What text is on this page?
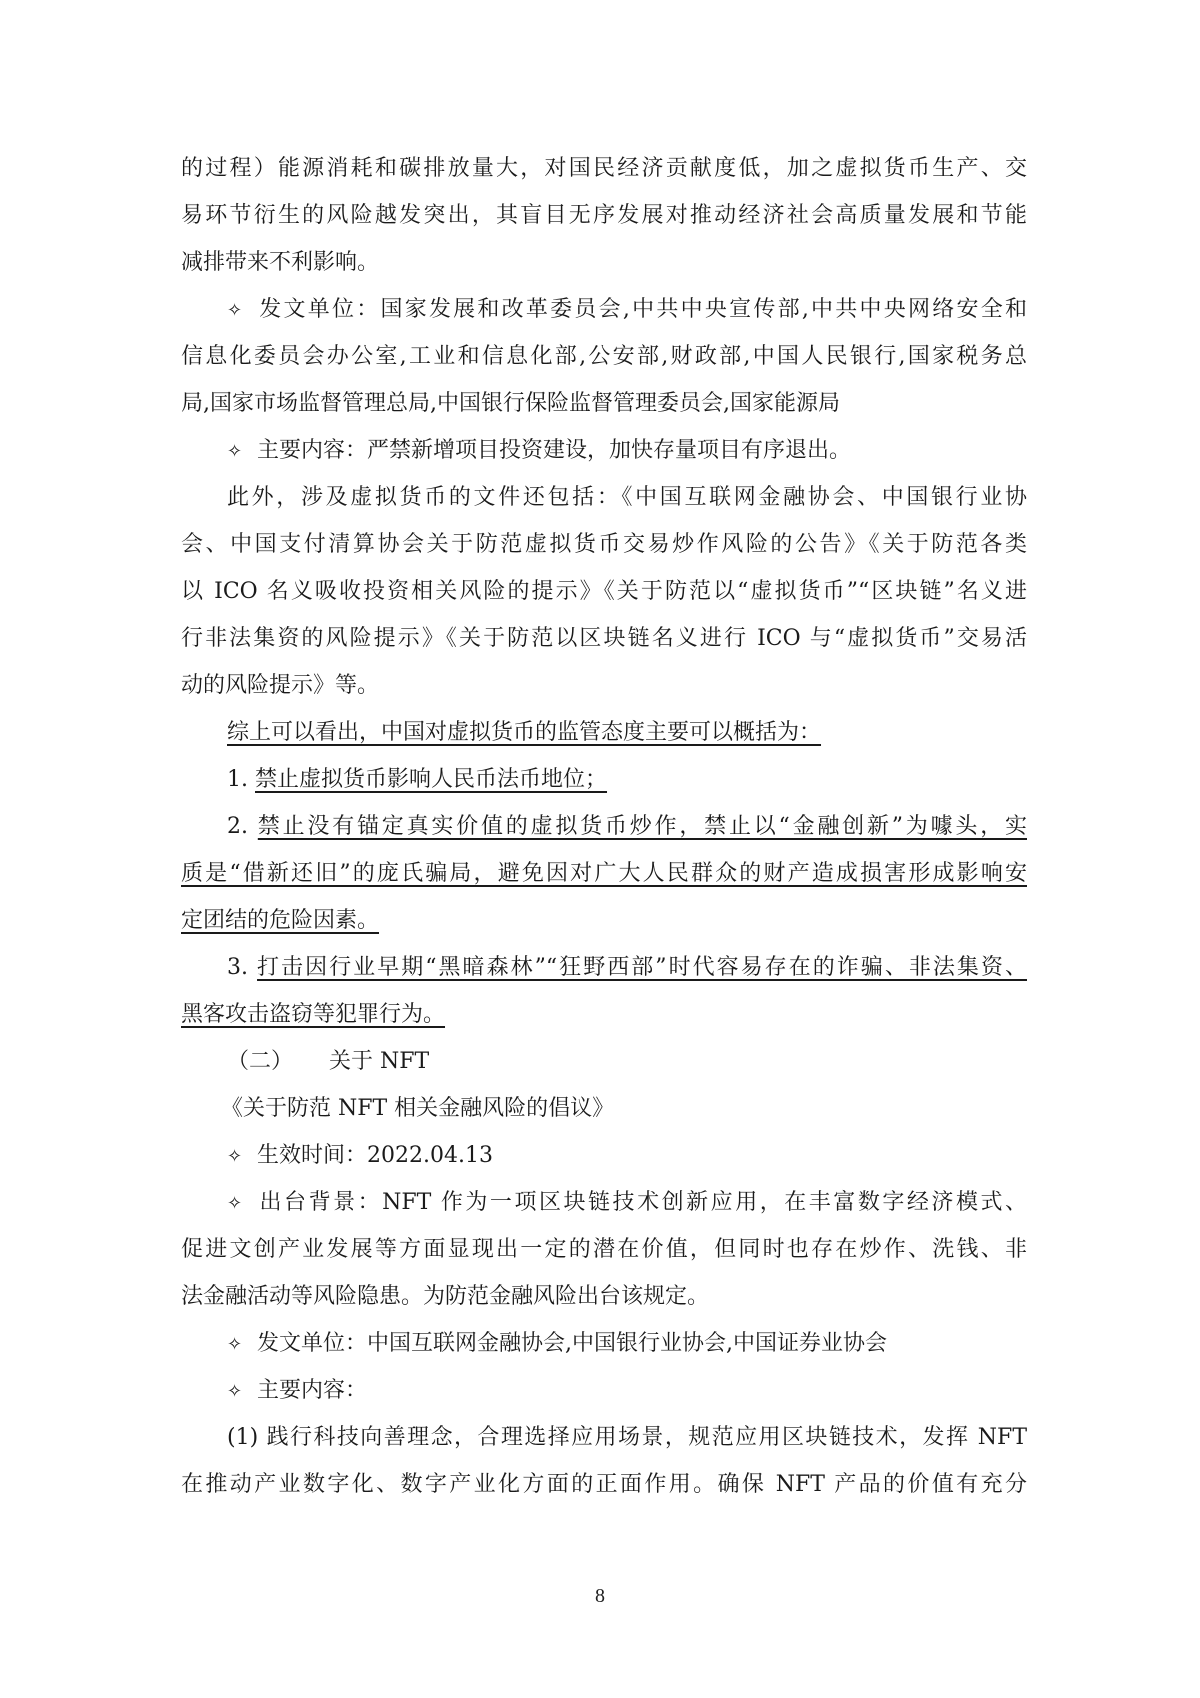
的过程）能源消耗和碳排放量大，对国民经济贡献度低，加之虚拟货币生产、交
易环节衍生的风险越发突出，其盲目无序发展对推动经济社会高质量发展和节能
减排带来不利影响。
✧ 发文单位：国家发展和改革委员会,中共中央宣传部,中共中央网络安全和
信息化委员会办公室,工业和信息化部,公安部,财政部,中国人民银行,国家税务总
局,国家市场监督管理总局,中国银行保险监督管理委员会,国家能源局
✧ 主要内容：严禁新增项目投资建设，加快存量项目有序退出。
此外，涉及虚拟货币的文件还包括：《中国互联网金融协会、中国银行业协
会、中国支付清算协会关于防范虚拟货币交易炒作风险的公告》《关于防范各类
以 ICO 名义吸收投资相关风险的提示》《关于防范以“虚拟货币”“区块链”名义进
行非法集资的风险提示》《关于防范以区块链名义进行 ICO 与“虚拟货币”交易活
动的风险提示》等。
综上可以看出，中国对虚拟货币的监管态度主要可以概括为：
1. 禁止虚拟货币影响人民币法币地位；
2. 禁止没有锚定真实价值的虚拟货币炒作，禁止以“金融创新”为噱头，实
质是“借新还旧”的庞氏骗局，避免因对广大人民群众的财产造成损害形成影响安
定团结的危险因素。
3. 打击因行业早期“黑暗森林”“狂野西部”时代容易存在的诈骗、非法集资、
黑客攻击盗窃等犯罪行为。
（二） 关于 NFT
《关于防范 NFT 相关金融风险的倡议》
✧ 生效时间：2022.04.13
✧ 出台背景：NFT 作为一项区块链技术创新应用，在丰富数字经济模式、
促进文创产业发展等方面显现出一定的潜在价值，但同时也存在炒作、洗钱、非
法金融活动等风险隐患。为防范金融风险出台该规定。
✧ 发文单位：中国互联网金融协会,中国银行业协会,中国证券业协会
✧ 主要内容：
(1) 践行科技向善理念，合理选择应用场景，规范应用区块链技术，发挥 NFT
在推动产业数字化、数字产业化方面的正面作用。确保 NFT 产品的价值有充分
8
